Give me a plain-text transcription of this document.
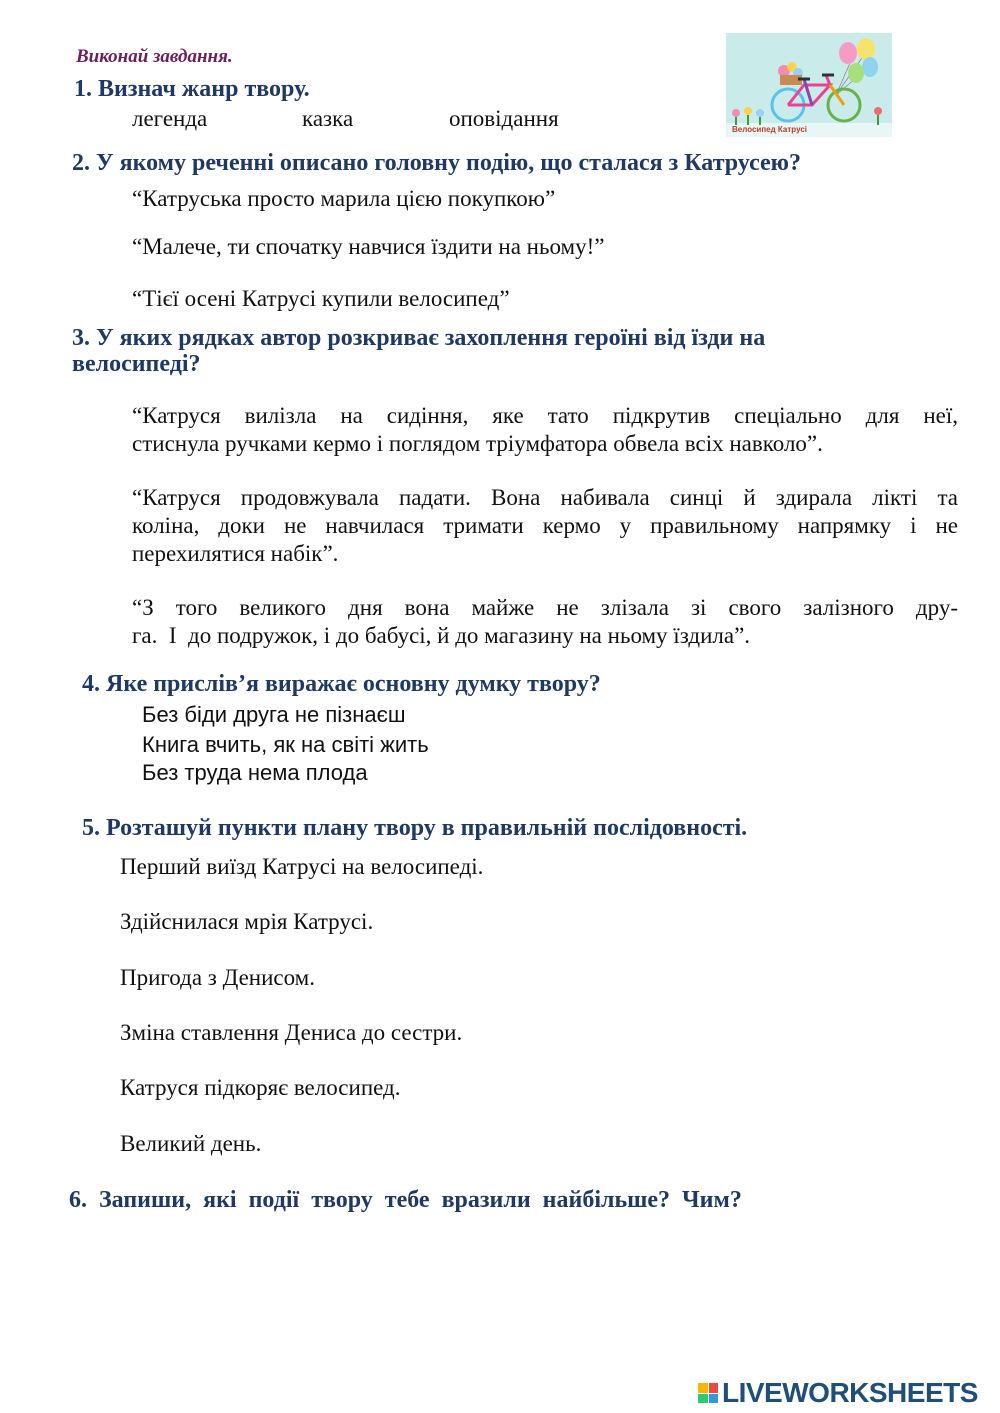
Виконай завдання.
Велосипед Катрусі
1. Визнач жанр твору.
легенда	казка	оповідання
2. У якому реченні описано головну подію, що сталася з Катрусею?
“Катруська просто марила цією покупкою”
“Малече, ти спочатку навчися їздити на ньому!”
“Тієї осені Катрусі купили велосипед”
3. У яких рядках автор розкриває захоплення героїні від їзди на
велосипеді?
“Катруся вилізла на сидіння, яке тато підкрутив спеціально для неї,
стиснула ручками кермо і поглядом тріумфатора обвела всіх навколо”.
“Катруся продовжувала падати. Вона набивала синці й здирала лікті та
коліна, доки не навчилася тримати кермо у правильному напрямку і не
перехилятися набік”.
“З того великого дня вона майже не злізала зі свого залізного дру-
га.  І  до подружок, і до бабусі, й до магазину на ньому їздила”.
4. Яке прислів’я виражає основну думку твору?
Без біди друга не пізнаєш
Книга вчить, як на світі жить
Без труда нема плода
5. Розташуй пункти плану твору в правильній послідовності.
Перший виїзд Катрусі на велосипеді.
Здійснилася мрія Катрусі.
Пригода з Денисом.
Зміна ставлення Дениса до сестри.
Катруся підкоряє велосипед.
Великий день.
6.  Запиши,  які  події  твору  тебе  вразили  найбільше?  Чим?
LIVEWORKSHEETS
